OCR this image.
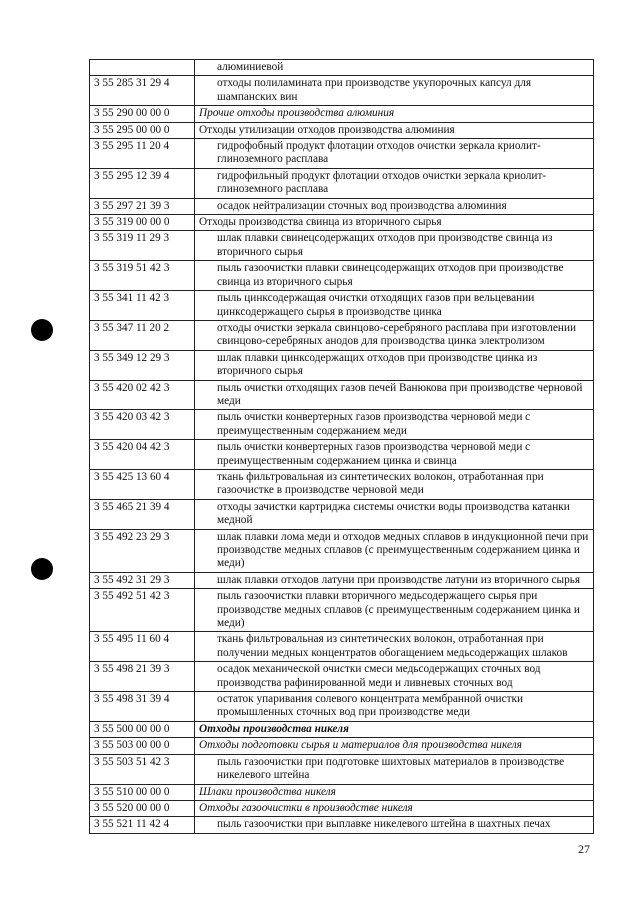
	алюминиевой
3 55 285 31 29 4	отходы полиламината при производстве укупорочных капсул для шампанских вин
3 55 290 00 00 0	Прочие отходы производства алюминия
3 55 295 00 00 0	Отходы утилизации отходов производства алюминия
3 55 295 11 20 4	гидрофобный продукт флотации отходов очистки зеркала криолит-глиноземного расплава
3 55 295 12 39 4	гидрофильный продукт флотации отходов очистки зеркала криолит-глиноземного расплава
3 55 297 21 39 3	осадок нейтрализации сточных вод производства алюминия
3 55 319 00 00 0	Отходы производства свинца из вторичного сырья
3 55 319 11 29 3	шлак плавки свинецсодержащих отходов при производстве свинца из вторичного сырья
3 55 319 51 42 3	пыль газоочистки плавки свинецсодержащих отходов при производстве свинца из вторичного сырья
3 55 341 11 42 3	пыль цинксодержащая очистки отходящих газов при вельцевании цинксодержащего сырья в производстве цинка
3 55 347 11 20 2	отходы очистки зеркала свинцово-серебряного расплава при изготовлении свинцово-серебряных анодов для производства цинка электролизом
3 55 349 12 29 3	шлак плавки цинксодержащих отходов при производстве цинка из вторичного сырья
3 55 420 02 42 3	пыль очистки отходящих газов печей Ванюкова при производстве черновой меди
3 55 420 03 42 3	пыль очистки конвертерных газов производства черновой меди с преимущественным содержанием меди
3 55 420 04 42 3	пыль очистки конвертерных газов производства черновой меди с преимущественным содержанием цинка и свинца
3 55 425 13 60 4	ткань фильтровальная из синтетических волокон, отработанная при газоочистке в производстве черновой меди
3 55 465 21 39 4	отходы зачистки картриджа системы очистки воды производства катанки медной
3 55 492 23 29 3	шлак плавки лома меди и отходов медных сплавов в индукционной печи при производстве медных сплавов (с преимущественным содержанием цинка и меди)
3 55 492 31 29 3	шлак плавки отходов латуни при производстве латуни из вторичного сырья
3 55 492 51 42 3	пыль газоочистки плавки вторичного медьсодержащего сырья при производстве медных сплавов (с преимущественным содержанием цинка и меди)
3 55 495 11 60 4	ткань фильтровальная из синтетических волокон, отработанная при получении медных концентратов обогащением медьсодержащих шлаков
3 55 498 21 39 3	осадок механической очистки смеси медьсодержащих сточных вод производства рафинированной меди и ливневых сточных вод
3 55 498 31 39 4	остаток упаривания солевого концентрата мембранной очистки промышленных сточных вод при производстве меди
3 55 500 00 00 0	Отходы производства никеля
3 55 503 00 00 0	Отходы подготовки сырья и материалов для производства никеля
3 55 503 51 42 3	пыль газоочистки при подготовке шихтовых материалов в производстве никелевого штейна
3 55 510 00 00 0	Шлаки производства никеля
3 55 520 00 00 0	Отходы газоочистки в производстве никеля
3 55 521 11 42 4	пыль газоочистки при выплавке никелевого штейна в шахтных печах
27
